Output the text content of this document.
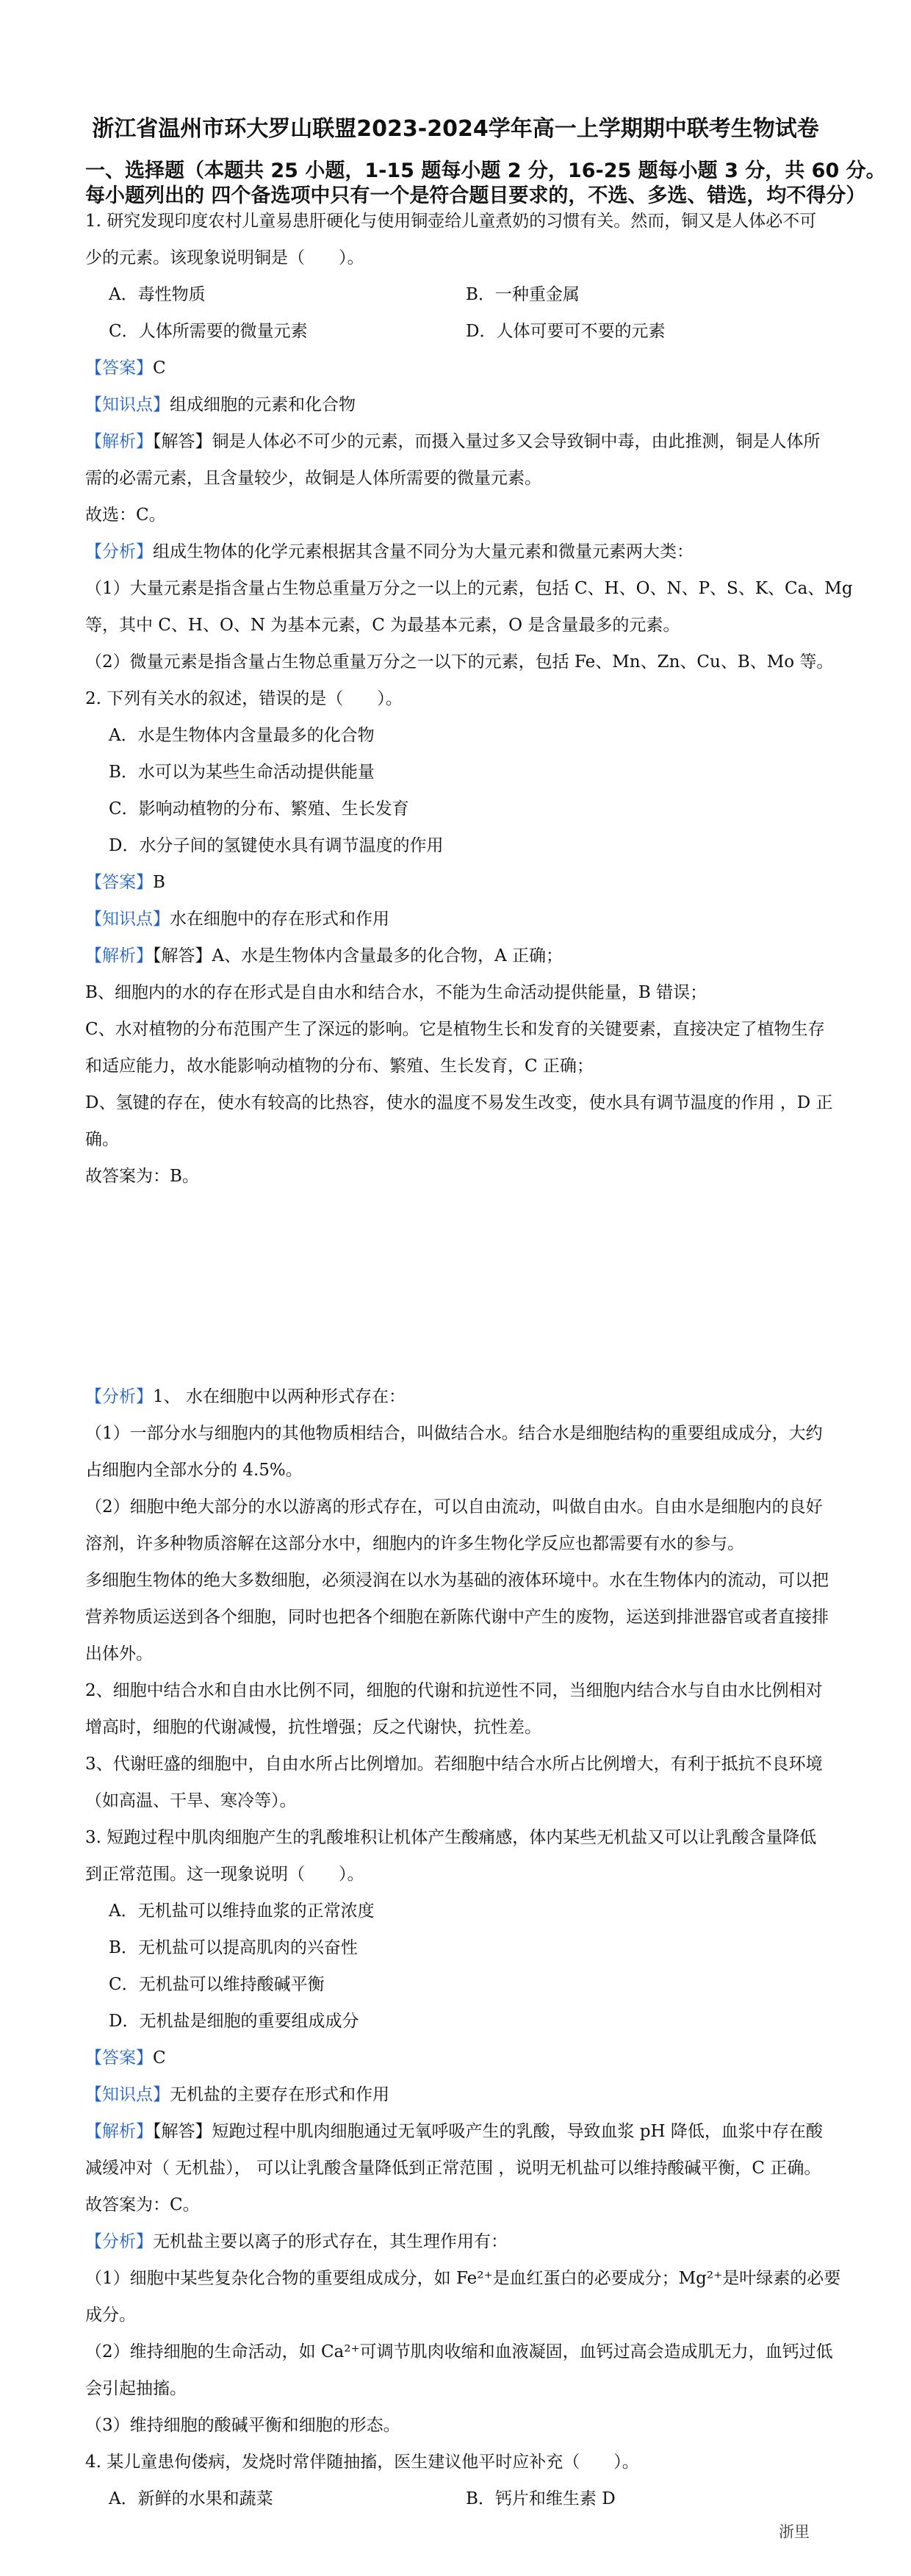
浙江省温州市环大罗山联盟2023-2024学年高一上学期期中联考生物试卷
一、选择题（本题共 25 小题，1-15 题每小题 2 分，16-25 题每小题 3 分，共 60 分。
每小题列出的 四个备选项中只有一个是符合题目要求的，不选、多选、错选，均不得分）
1. 研究发现印度农村儿童易患肝硬化与使用铜壶给儿童煮奶的习惯有关。然而，铜又是人体必不可
少的元素。该现象说明铜是（　　）。
A．毒性物质	B．一种重金属
C．人体所需要的微量元素	D．人体可要可不要的元素
【答案】C
【知识点】组成细胞的元素和化合物
【解析】【解答】铜是人体必不可少的元素，而摄入量过多又会导致铜中毒，由此推测，铜是人体所
需的必需元素，且含量较少，故铜是人体所需要的微量元素。
故选：C。
【分析】组成生物体的化学元素根据其含量不同分为大量元素和微量元素两大类：
（1）大量元素是指含量占生物总重量万分之一以上的元素，包括 C、H、O、N、P、S、K、Ca、Mg
等，其中 C、H、O、N 为基本元素，C 为最基本元素，O 是含量最多的元素。
（2）微量元素是指含量占生物总重量万分之一以下的元素，包括 Fe、Mn、Zn、Cu、B、Mo 等。
2. 下列有关水的叙述，错误的是（　　）。
A．水是生物体内含量最多的化合物
B．水可以为某些生命活动提供能量
C．影响动植物的分布、繁殖、生长发育
D．水分子间的氢键使水具有调节温度的作用
【答案】B
【知识点】水在细胞中的存在形式和作用
【解析】【解答】A、水是生物体内含量最多的化合物，A 正确；
B、细胞内的水的存在形式是自由水和结合水，不能为生命活动提供能量，B 错误；
C、水对植物的分布范围产生了深远的影响。它是植物生长和发育的关键要素，直接决定了植物生存
和适应能力，故水能影响动植物的分布、繁殖、生长发育，C 正确；
D、氢键的存在，使水有较高的比热容，使水的温度不易发生改变，使水具有调节温度的作用 ，D 正
确。
故答案为：B。
【分析】1、 水在细胞中以两种形式存在：
（1）一部分水与细胞内的其他物质相结合，叫做结合水。结合水是细胞结构的重要组成成分，大约
占细胞内全部水分的 4.5%。
（2）细胞中绝大部分的水以游离的形式存在，可以自由流动，叫做自由水。自由水是细胞内的良好
溶剂，许多种物质溶解在这部分水中，细胞内的许多生物化学反应也都需要有水的参与。
多细胞生物体的绝大多数细胞，必须浸润在以水为基础的液体环境中。水在生物体内的流动，可以把
营养物质运送到各个细胞，同时也把各个细胞在新陈代谢中产生的废物，运送到排泄器官或者直接排
出体外。
2、细胞中结合水和自由水比例不同，细胞的代谢和抗逆性不同，当细胞内结合水与自由水比例相对
增高时，细胞的代谢减慢，抗性增强；反之代谢快，抗性差。
3、代谢旺盛的细胞中，自由水所占比例增加。若细胞中结合水所占比例增大，有利于抵抗不良环境
（如高温、干旱、寒冷等）。
3. 短跑过程中肌肉细胞产生的乳酸堆积让机体产生酸痛感，体内某些无机盐又可以让乳酸含量降低
到正常范围。这一现象说明（　　）。
A．无机盐可以维持血浆的正常浓度
B．无机盐可以提高肌肉的兴奋性
C．无机盐可以维持酸碱平衡
D．无机盐是细胞的重要组成成分
【答案】C
【知识点】无机盐的主要存在形式和作用
【解析】【解答】短跑过程中肌肉细胞通过无氧呼吸产生的乳酸，导致血浆 pH 降低，血浆中存在酸
减缓冲对（ 无机盐）， 可以让乳酸含量降低到正常范围 ，说明无机盐可以维持酸碱平衡，C 正确。
故答案为：C。
【分析】无机盐主要以离子的形式存在，其生理作用有：
（1）细胞中某些复杂化合物的重要组成成分，如 Fe²⁺是血红蛋白的必要成分；Mg²⁺是叶绿素的必要
成分。
（2）维持细胞的生命活动，如 Ca²⁺可调节肌肉收缩和血液凝固，血钙过高会造成肌无力，血钙过低
会引起抽搐。
（3）维持细胞的酸碱平衡和细胞的形态。
4. 某儿童患佝偻病，发烧时常伴随抽搐，医生建议他平时应补充（　　）。
A．新鲜的水果和蔬菜	B．钙片和维生素 D
浙里
